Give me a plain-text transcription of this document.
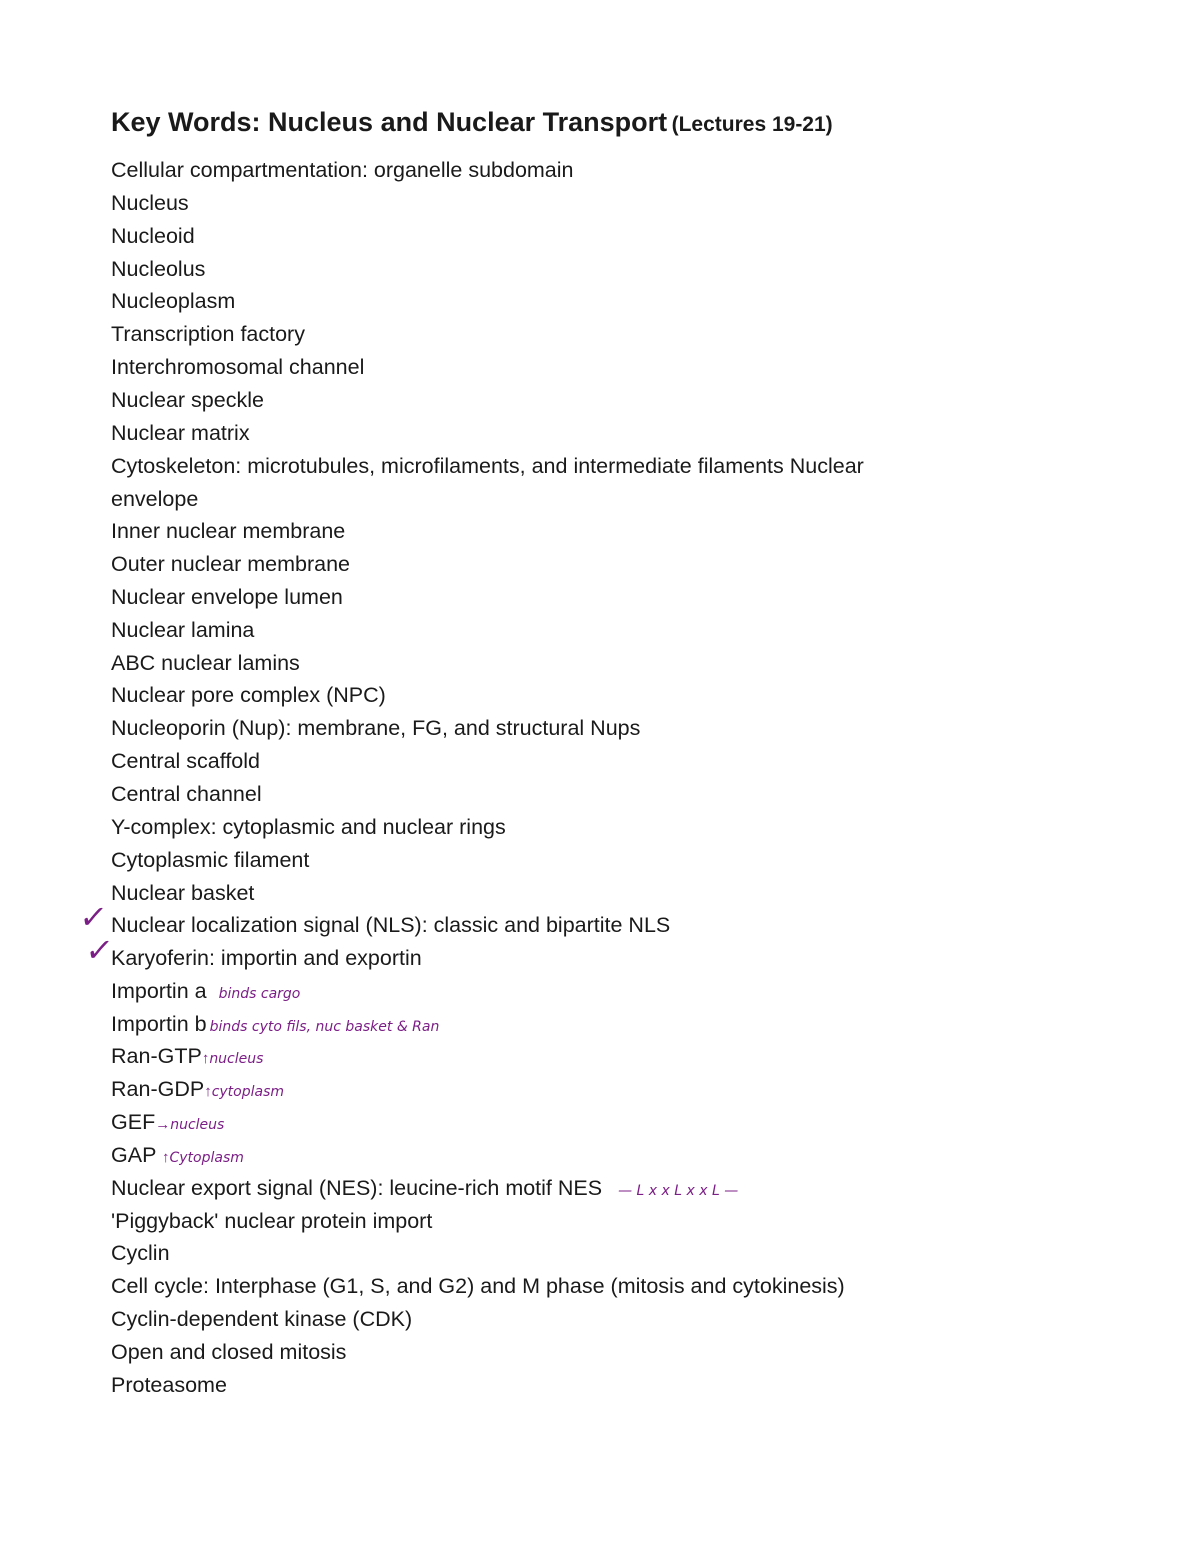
Key Words: Nucleus and Nuclear Transport (Lectures 19-21)
Cellular compartmentation: organelle subdomain
Nucleus
Nucleoid
Nucleolus
Nucleoplasm
Transcription factory
Interchromosomal channel
Nuclear speckle
Nuclear matrix
Cytoskeleton: microtubules, microfilaments, and intermediate filaments Nuclear
envelope
Inner nuclear membrane
Outer nuclear membrane
Nuclear envelope lumen
Nuclear lamina
ABC nuclear lamins
Nuclear pore complex (NPC)
Nucleoporin (Nup): membrane, FG, and structural Nups
Central scaffold
Central channel
Y-complex: cytoplasmic and nuclear rings
Cytoplasmic filament
Nuclear basket
✓ Nuclear localization signal (NLS): classic and bipartite NLS
✓
Karyoferin: importin and exportin
Importin a binds cargo
Importin b binds cyto fils, nuc basket & Ran
Ran-GTP↑nucleus
Ran-GDP↑cytoplasm
GEF→nucleus
GAP ↑Cytoplasm
Nuclear export signal (NES): leucine-rich motif NES — L x x L x x L —
'Piggyback' nuclear protein import
Cyclin
Cell cycle: Interphase (G1, S, and G2) and M phase (mitosis and cytokinesis)
Cyclin-dependent kinase (CDK)
Open and closed mitosis
Proteasome
